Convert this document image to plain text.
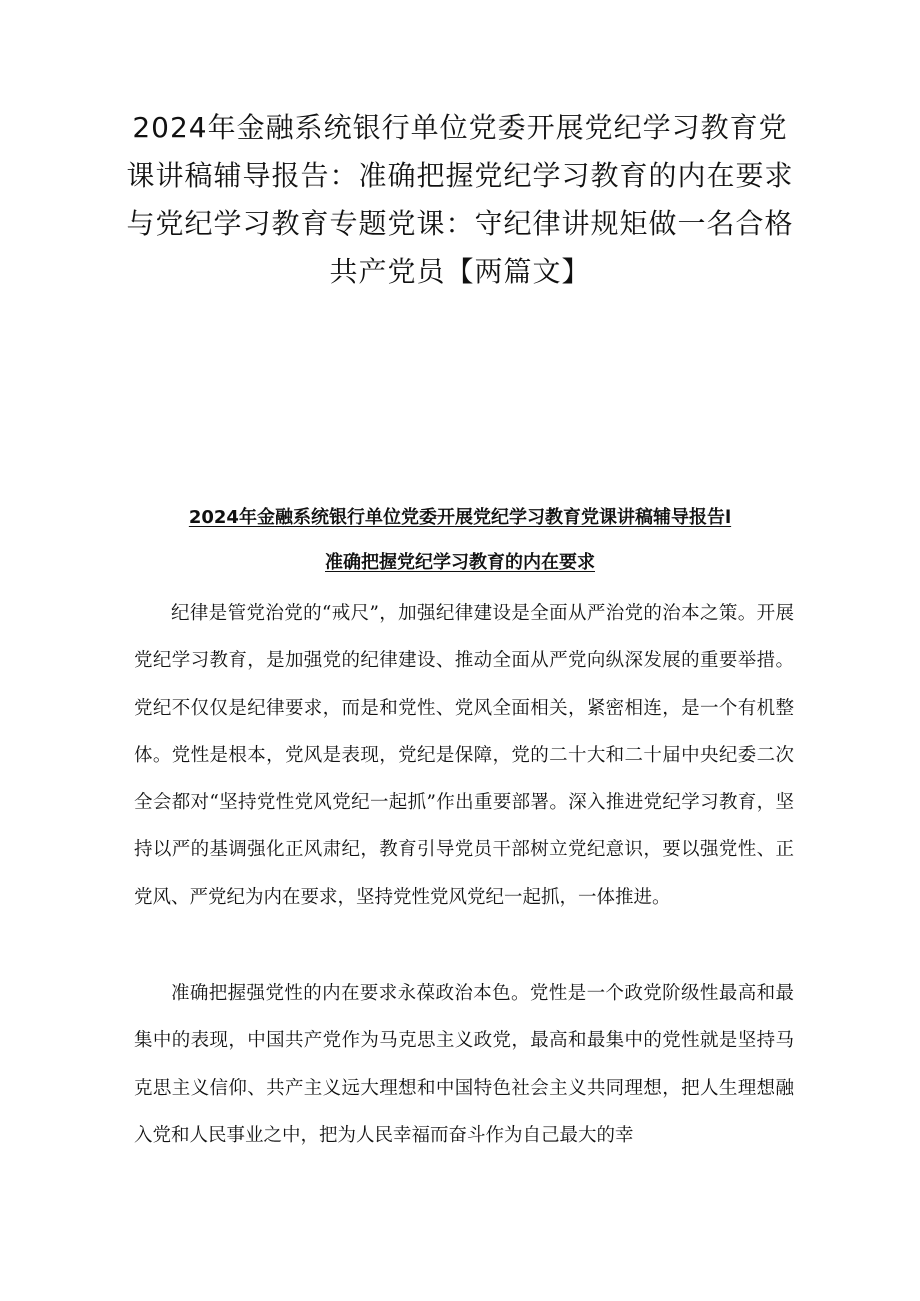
2024年金融系统银行单位党委开展党纪学习教育党课讲稿辅导报告：准确把握党纪学习教育的内在要求与党纪学习教育专题党课：守纪律讲规矩做一名合格共产党员【两篇文】
2024年金融系统银行单位党委开展党纪学习教育党课讲稿辅导报告l
准确把握党纪学习教育的内在要求

纪律是管党治党的“戒尺”，加强纪律建设是全面从严治党的治本之策。开展党纪学习教育，是加强党的纪律建设、推动全面从严党向纵深发展的重要举措。党纪不仅仅是纪律要求，而是和党性、党风全面相关，紧密相连，是一个有机整体。党性是根本，党风是表现，党纪是保障，党的二十大和二十届中央纪委二次全会都对“坚持党性党风党纪一起抓”作出重要部署。深入推进党纪学习教育，坚持以严的基调强化正风肃纪，教育引导党员干部树立党纪意识，要以强党性、正党风、严党纪为内在要求，坚持党性党风党纪一起抓，一体推进。

准确把握强党性的内在要求永葆政治本色。党性是一个政党阶级性最高和最集中的表现，中国共产党作为马克思主义政党，最高和最集中的党性就是坚持马克思主义信仰、共产主义远大理想和中国特色社会主义共同理想，把人生理想融入党和人民事业之中，把为人民幸福而奋斗作为自己最大的幸
